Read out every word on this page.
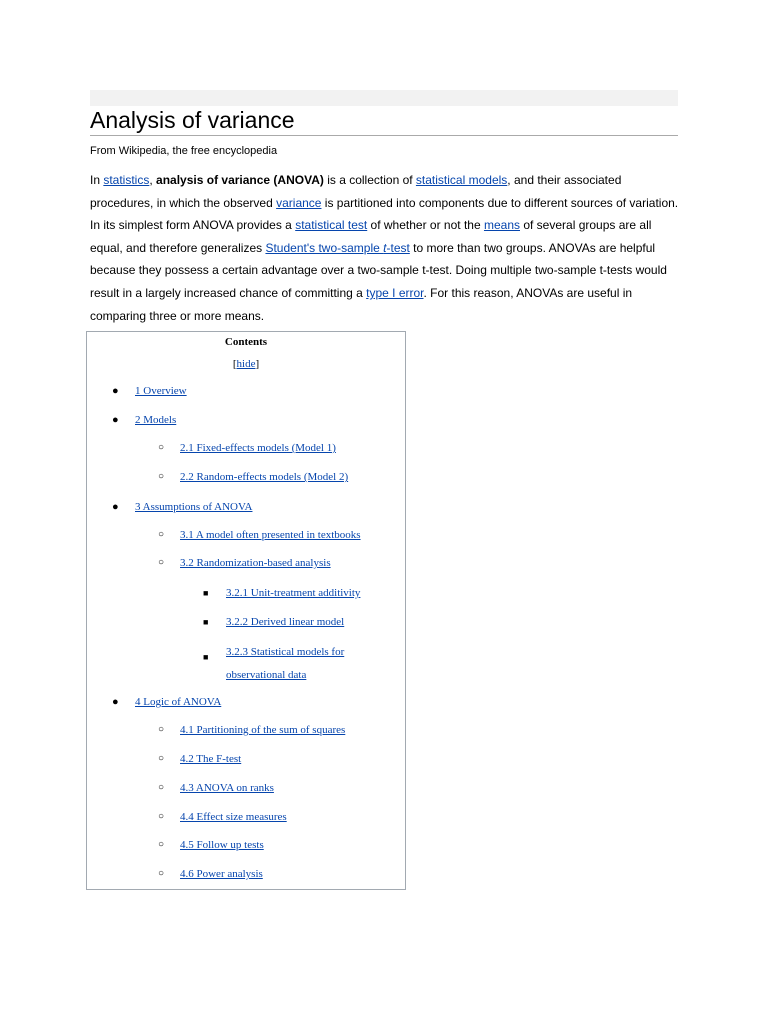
Analysis of variance
From Wikipedia, the free encyclopedia

In statistics, analysis of variance (ANOVA) is a collection of statistical models, and their associated procedures, in which the observed variance is partitioned into components due to different sources of variation. In its simplest form ANOVA provides a statistical test of whether or not the means of several groups are all equal, and therefore generalizes Student's two-sample t-test to more than two groups. ANOVAs are helpful because they possess a certain advantage over a two-sample t-test. Doing multiple two-sample t-tests would result in a largely increased chance of committing a type I error. For this reason, ANOVAs are useful in comparing three or more means.

Contents
[hide]
● 1 Overview
● 2 Models
○ 2.1 Fixed-effects models (Model 1)
○ 2.2 Random-effects models (Model 2)
● 3 Assumptions of ANOVA
○ 3.1 A model often presented in textbooks
○ 3.2 Randomization-based analysis
■ 3.2.1 Unit-treatment additivity
■ 3.2.2 Derived linear model
■ 3.2.3 Statistical models for observational data
● 4 Logic of ANOVA
○ 4.1 Partitioning of the sum of squares
○ 4.2 The F-test
○ 4.3 ANOVA on ranks
○ 4.4 Effect size measures
○ 4.5 Follow up tests
○ 4.6 Power analysis
